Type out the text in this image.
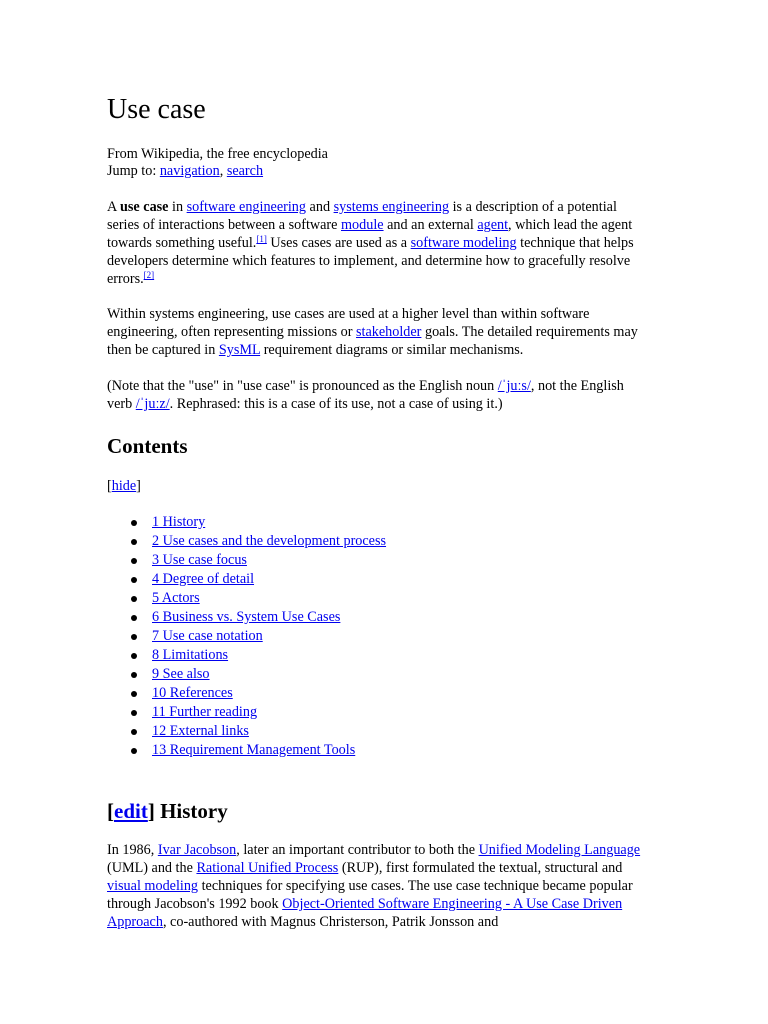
Use case
From Wikipedia, the free encyclopedia
Jump to: navigation, search

A use case in software engineering and systems engineering is a description of a potential series of interactions between a software module and an external agent, which lead the agent towards something useful.[1] Uses cases are used as a software modeling technique that helps developers determine which features to implement, and determine how to gracefully resolve errors.[2]

Within systems engineering, use cases are used at a higher level than within software engineering, often representing missions or stakeholder goals. The detailed requirements may then be captured in SysML requirement diagrams or similar mechanisms.

(Note that the "use" in "use case" is pronounced as the English noun /ˈjuːs/, not the English verb /ˈjuːz/. Rephrased: this is a case of its use, not a case of using it.)

Contents
[hide]
1 History
2 Use cases and the development process
3 Use case focus
4 Degree of detail
5 Actors
6 Business vs. System Use Cases
7 Use case notation
8 Limitations
9 See also
10 References
11 Further reading
12 External links
13 Requirement Management Tools
[edit] History

In 1986, Ivar Jacobson, later an important contributor to both the Unified Modeling Language (UML) and the Rational Unified Process (RUP), first formulated the textual, structural and visual modeling techniques for specifying use cases. The use case technique became popular through Jacobson's 1992 book Object-Oriented Software Engineering - A Use Case Driven Approach, co-authored with Magnus Christerson, Patrik Jonsson and
